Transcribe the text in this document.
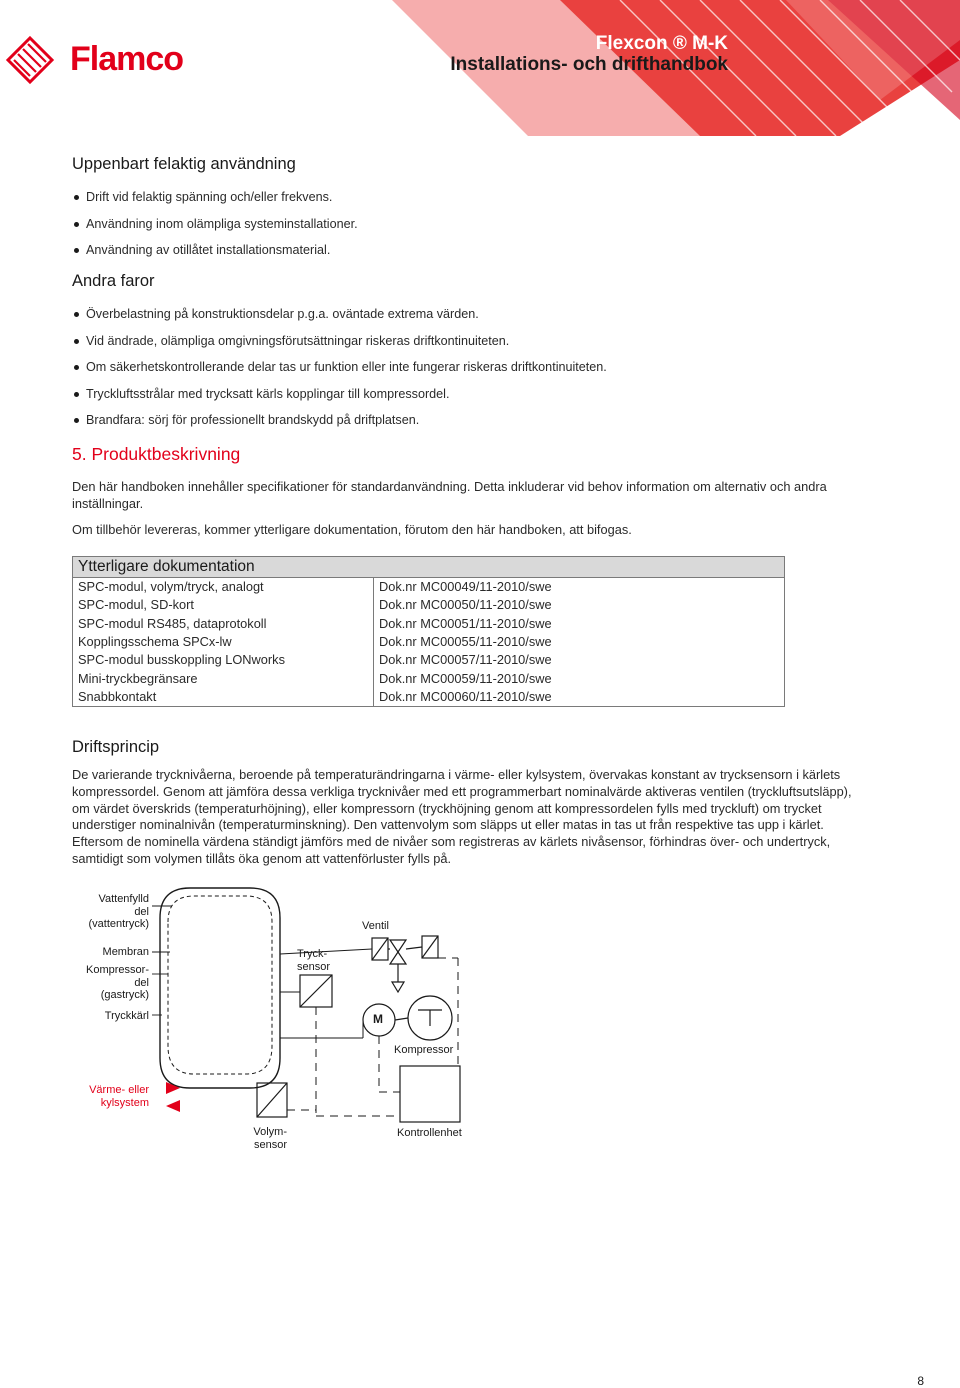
Flamco	Flexcon ® M-K
Installations- och drifthandbok
Uppenbart felaktig användning
Drift vid felaktig spänning och/eller frekvens.
Användning inom olämpliga systeminstallationer.
Användning av otillåtet installationsmaterial.
Andra faror
Överbelastning på konstruktionsdelar p.g.a. oväntade extrema värden.
Vid ändrade, olämpliga omgivningsförutsättningar riskeras driftkontinuiteten.
Om säkerhetskontrollerande delar tas ur funktion eller inte fungerar riskeras driftkontinuiteten.
Tryckluftsstrålar med trycksatt kärls kopplingar till kompressordel.
Brandfara: sörj för professionellt brandskydd på driftplatsen.
5. Produktbeskrivning

Den här handboken innehåller specifikationer för standardanvändning. Detta inkluderar vid behov information om alternativ och andra inställningar.

Om tillbehör levereras, kommer ytterligare dokumentation, förutom den här handboken, att bifogas.

Ytterligare dokumentation	
SPC-modul, volym/tryck, analogt	Dok.nr MC00049/11-2010/swe
SPC-modul, SD-kort	Dok.nr MC00050/11-2010/swe
SPC-modul RS485, dataprotokoll	Dok.nr MC00051/11-2010/swe
Kopplingsschema SPCx-lw	Dok.nr MC00055/11-2010/swe
SPC-modul busskoppling LONworks	Dok.nr MC00057/11-2010/swe
Mini-tryckbegränsare	Dok.nr MC00059/11-2010/swe
Snabbkontakt	Dok.nr MC00060/11-2010/swe
Driftsprincip

De varierande trycknivåerna, beroende på temperaturändringarna i värme- eller kylsystem, övervakas konstant av trycksensorn i kärlets kompressordel. Genom att jämföra dessa verkliga trycknivåer med ett programmerbart nominalvärde aktiveras ventilen (tryckluftsutsläpp), om värdet överskrids (temperaturhöjning), eller kompressorn (tryckhöjning genom att kompressordelen fylls med tryckluft) om trycket understiger nominalnivån (temperaturminskning). Den vattenvolym som släpps ut eller matas in tas ut från respektive tas upp i kärlet. Eftersom de nominella värdena ständigt jämförs med de nivåer som registreras av kärlets nivåsensor, förhindras över- och undertryck, samtidigt som volymen tillåts öka genom att vattenförluster fylls på.

Vattenfylld
del
(vattentryck)
Membran
Kompressor-
del
(gastryck)
Tryckkärl
Värme- eller
kylsystem
Tryck-
sensor
Ventil
M
Kompressor
Volym-
sensor
Kontrollenhet
8
